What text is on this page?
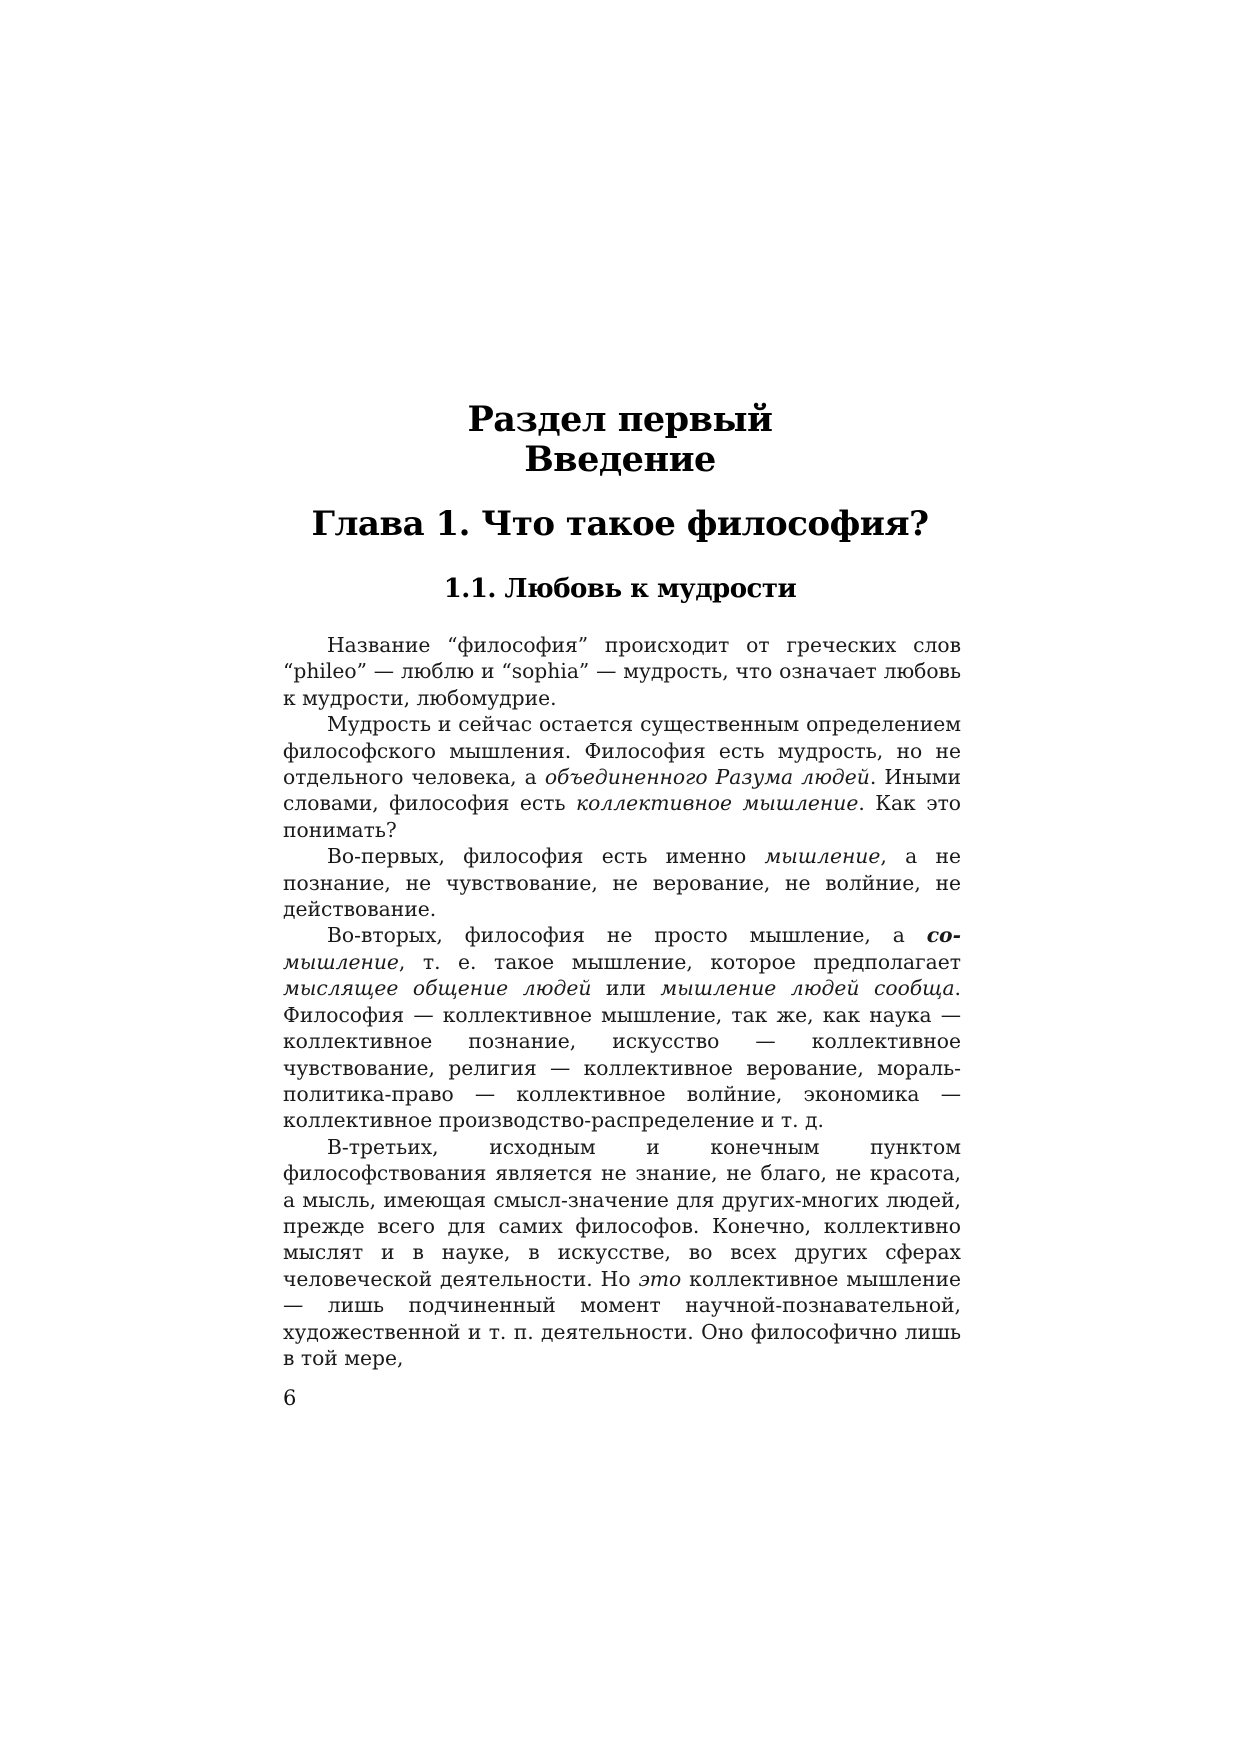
Раздел первый
Введение
Глава 1. Что такое философия?
1.1. Любовь к мудрости

Название “философия” происходит от греческих слов “phileo” — люблю и “sophia” — мудрость, что означает любовь к мудрости, любомудрие.

Мудрость и сейчас остается существенным определением философского мышления. Философия есть мудрость, но не отдельного человека, а объединенного Разума людей. Иными словами, философия есть коллективное мышление. Как это понимать?

Во-первых, философия есть именно мышление, а не познание, не чувствование, не верование, не волйние, не действование.

Во-вторых, философия не просто мышление, а со-мышление, т. е. такое мышление, которое предполагает мыслящее общение людей или мышление людей сообща. Философия — коллективное мышление, так же, как наука — коллективное познание, искусство — коллективное чувствование, религия — коллективное верование, мораль-политика-право — коллективное волйние, экономика — коллективное производство-распределение и т. д.

В-третьих, исходным и конечным пунктом философствования является не знание, не благо, не красота, а мысль, имеющая смысл-значение для других-многих людей, прежде всего для самих философов. Конечно, коллективно мыслят и в науке, в искусстве, во всех других сферах человеческой деятельности. Но это коллективное мышление — лишь подчиненный момент научной-познавательной, художественной и т. п. деятельности. Оно философично лишь в той мере,

6
